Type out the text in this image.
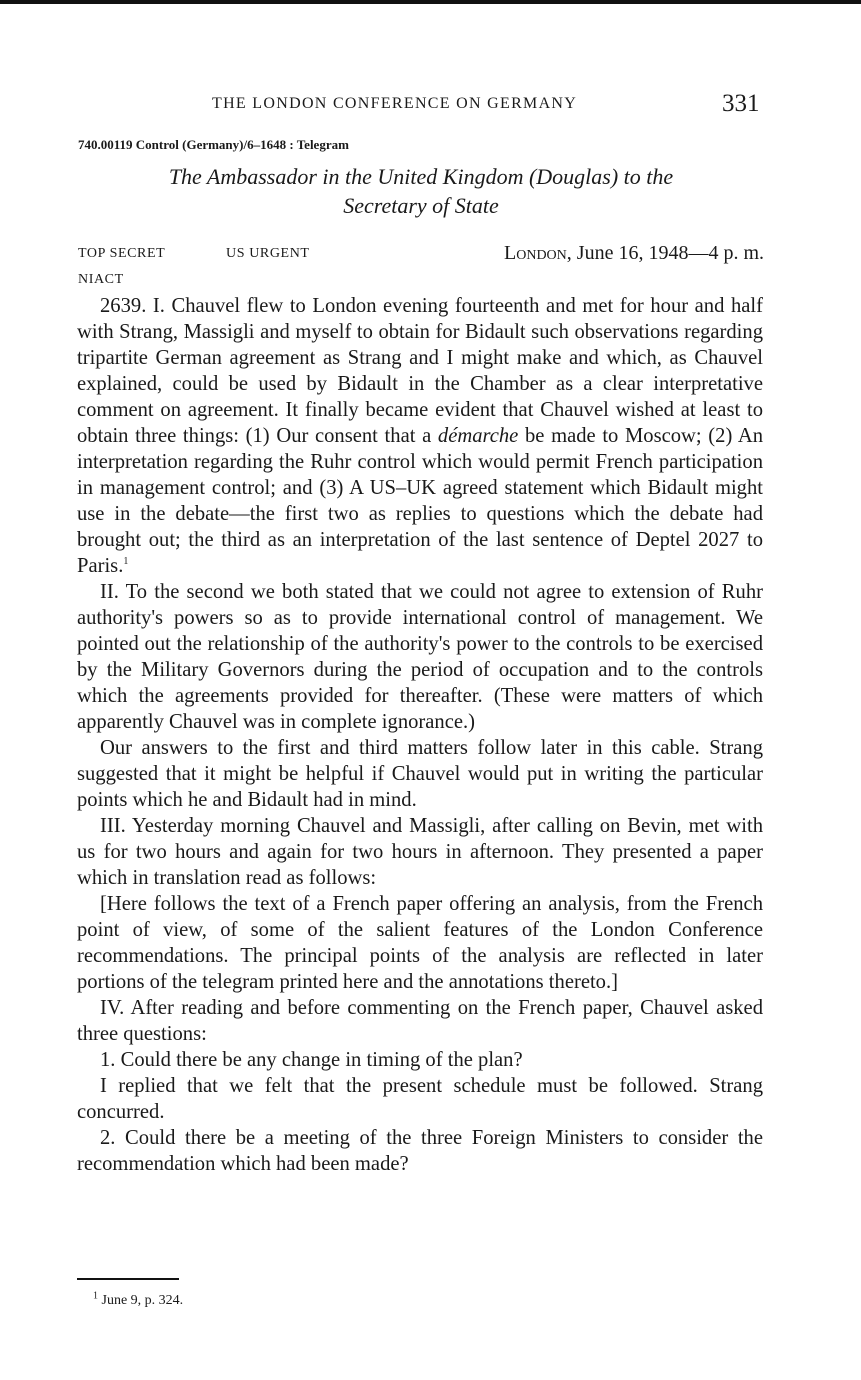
THE LONDON CONFERENCE ON GERMANY	331
740.00119 Control (Germany)/6–1648 : Telegram
The Ambassador in the United Kingdom (Douglas) to the
Secretary of State
TOP SECRET	US URGENT
NIACT
London, June 16, 1948—4 p. m.

2639. I. Chauvel flew to London evening fourteenth and met for hour and half with Strang, Massigli and myself to obtain for Bidault such observations regarding tripartite German agreement as Strang and I might make and which, as Chauvel explained, could be used by Bidault in the Chamber as a clear interpretative comment on agreement. It finally became evident that Chauvel wished at least to obtain three things: (1) Our consent that a démarche be made to Moscow; (2) An interpretation regarding the Ruhr control which would permit French participation in management control; and (3) A US–UK agreed statement which Bidault might use in the debate—the first two as replies to questions which the debate had brought out; the third as an interpretation of the last sentence of Deptel 2027 to Paris.$^1$

II. To the second we both stated that we could not agree to extension of Ruhr authority's powers so as to provide international control of management. We pointed out the relationship of the authority's power to the controls to be exercised by the Military Governors during the period of occupation and to the controls which the agreements provided for thereafter. (These were matters of which apparently Chauvel was in complete ignorance.)

Our answers to the first and third matters follow later in this cable. Strang suggested that it might be helpful if Chauvel would put in writing the particular points which he and Bidault had in mind.

III. Yesterday morning Chauvel and Massigli, after calling on Bevin, met with us for two hours and again for two hours in afternoon. They presented a paper which in translation read as follows:

[Here follows the text of a French paper offering an analysis, from the French point of view, of some of the salient features of the London Conference recommendations. The principal points of the analysis are reflected in later portions of the telegram printed here and the annotations thereto.]

IV. After reading and before commenting on the French paper, Chauvel asked three questions:

1. Could there be any change in timing of the plan?

I replied that we felt that the present schedule must be followed. Strang concurred.

2. Could there be a meeting of the three Foreign Ministers to consider the recommendation which had been made?

$^1$ June 9, p. 324.
